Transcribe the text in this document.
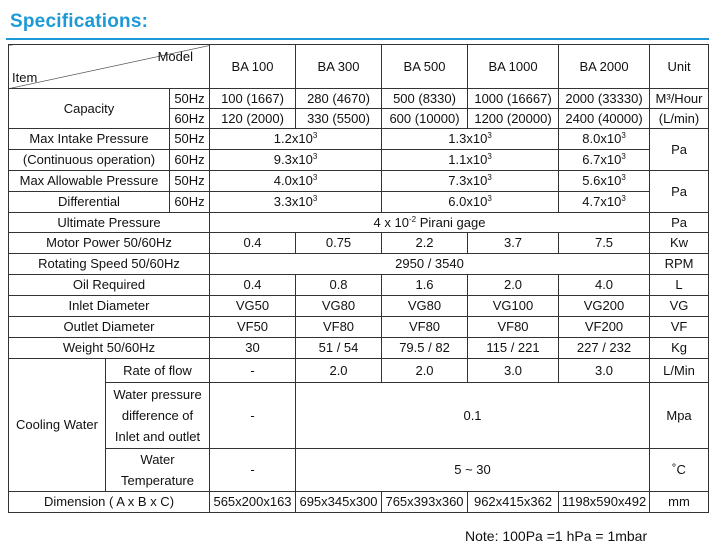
Specifications:
Model
Item			BA 100	BA 300	BA 500	BA 1000	BA 2000	Unit
Capacity		50Hz	100 (1667)	280 (4670)	500 (8330)	1000 (16667)	2000 (33330)	M³/Hour
		60Hz	120 (2000)	330 (5500)	600 (10000)	1200 (20000)	2400 (40000)	(L/min)
Max Intake Pressure		50Hz	$1.2x10^3$		$1.3x10^3$		$8.0x10^3$	Pa
(Continuous operation)		60Hz	$9.3x10^3$		$1.1x10^3$		$6.7x10^3$
Max Allowable Pressure		50Hz	$4.0x10^3$		$7.3x10^3$		$5.6x10^3$	Pa
Differential		60Hz	$3.3x10^3$		$6.0x10^3$		$4.7x10^3$
Ultimate Pressure			4 x $10^{-2}$ Pirani gage					Pa
Motor Power 50/60Hz			0.4	0.75	2.2	3.7	7.5	Kw
Rotating Speed 50/60Hz			2950 / 3540					RPM
Oil Required			0.4	0.8	1.6	2.0	4.0	L
Inlet Diameter			VG50	VG80	VG80	VG100	VG200	VG
Outlet Diameter			VF50	VF80	VF80	VF80	VF200	VF
Weight 50/60Hz			30	51 / 54	79.5 / 82	115 / 221	227 / 232	Kg
Cooling Water	Rate of flow		-	2.0	2.0	3.0	3.0	L/Min

	Water pressure
difference of
Inlet and outlet		-	0.1				Mpa

	Water
Temperature		-	5 ~ 30				˚C
Dimension ( A x B x C)			565x200x163	695x345x300	765x393x360	962x415x362	1198x590x492	mm
Note: 100Pa =1 hPa = 1mbar
